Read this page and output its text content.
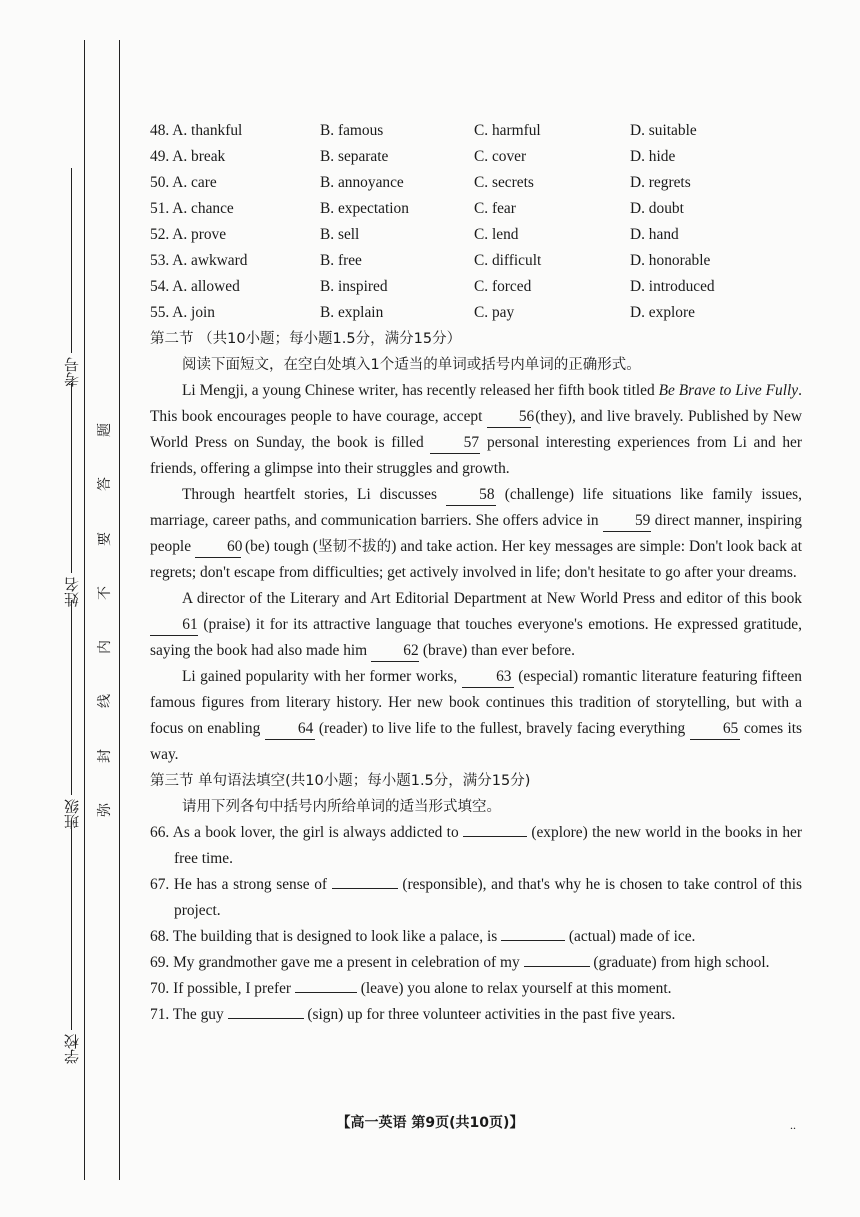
考号
姓名
班级
学校
题
答
要
不
内
线
封
弥
48. A. thankful	B. famous	C. harmful	D. suitable
49. A. break	B. separate	C. cover	D. hide
50. A. care	B. annoyance	C. secrets	D. regrets
51. A. chance	B. expectation	C. fear	D. doubt
52. A. prove	B. sell	C. lend	D. hand
53. A. awkward	B. free	C. difficult	D. honorable
54. A. allowed	B. inspired	C. forced	D. introduced
55. A. join	B. explain	C. pay	D. explore
第二节 （共10小题；每小题1.5分，满分15分）
阅读下面短文，在空白处填入1个适当的单词或括号内单词的正确形式。

Li Mengji, a young Chinese writer, has recently released her fifth book titled Be Brave to Live Fully. This book encourages people to have courage, accept 56 (they), and live bravely. Published by New World Press on Sunday, the book is filled 57 personal interesting experiences from Li and her friends, offering a glimpse into their struggles and growth.

Through heartfelt stories, Li discusses 58 (challenge) life situations like family issues, marriage, career paths, and communication barriers. She offers advice in 59 direct manner, inspiring people 60 (be) tough (坚韧不拔的) and take action. Her key messages are simple: Don't look back at regrets; don't escape from difficulties; get actively involved in life; don't hesitate to go after your dreams.

A director of the Literary and Art Editorial Department at New World Press and editor of this book 61 (praise) it for its attractive language that touches everyone's emotions. He expressed gratitude, saying the book had also made him 62 (brave) than ever before.

Li gained popularity with her former works, 63 (especial) romantic literature featuring fifteen famous figures from literary history. Her new book continues this tradition of storytelling, but with a focus on enabling 64 (reader) to live life to the fullest, bravely facing everything 65 comes its way.

第三节 单句语法填空(共10小题；每小题1.5分，满分15分)
请用下列各句中括号内所给单词的适当形式填空。

66. As a book lover, the girl is always addicted to	(explore) the new world in the books in her free time.

67. He has a strong sense of	(responsible), and that's why he is chosen to take control of this project.

68. The building that is designed to look like a palace, is	(actual) made of ice.

69. My grandmother gave me a present in celebration of my	(graduate) from high school.

70. If possible, I prefer	(leave) you alone to relax yourself at this moment.

71. The guy	(sign) up for three volunteer activities in the past five years.

【高一英语 第9页(共10页)】	..
